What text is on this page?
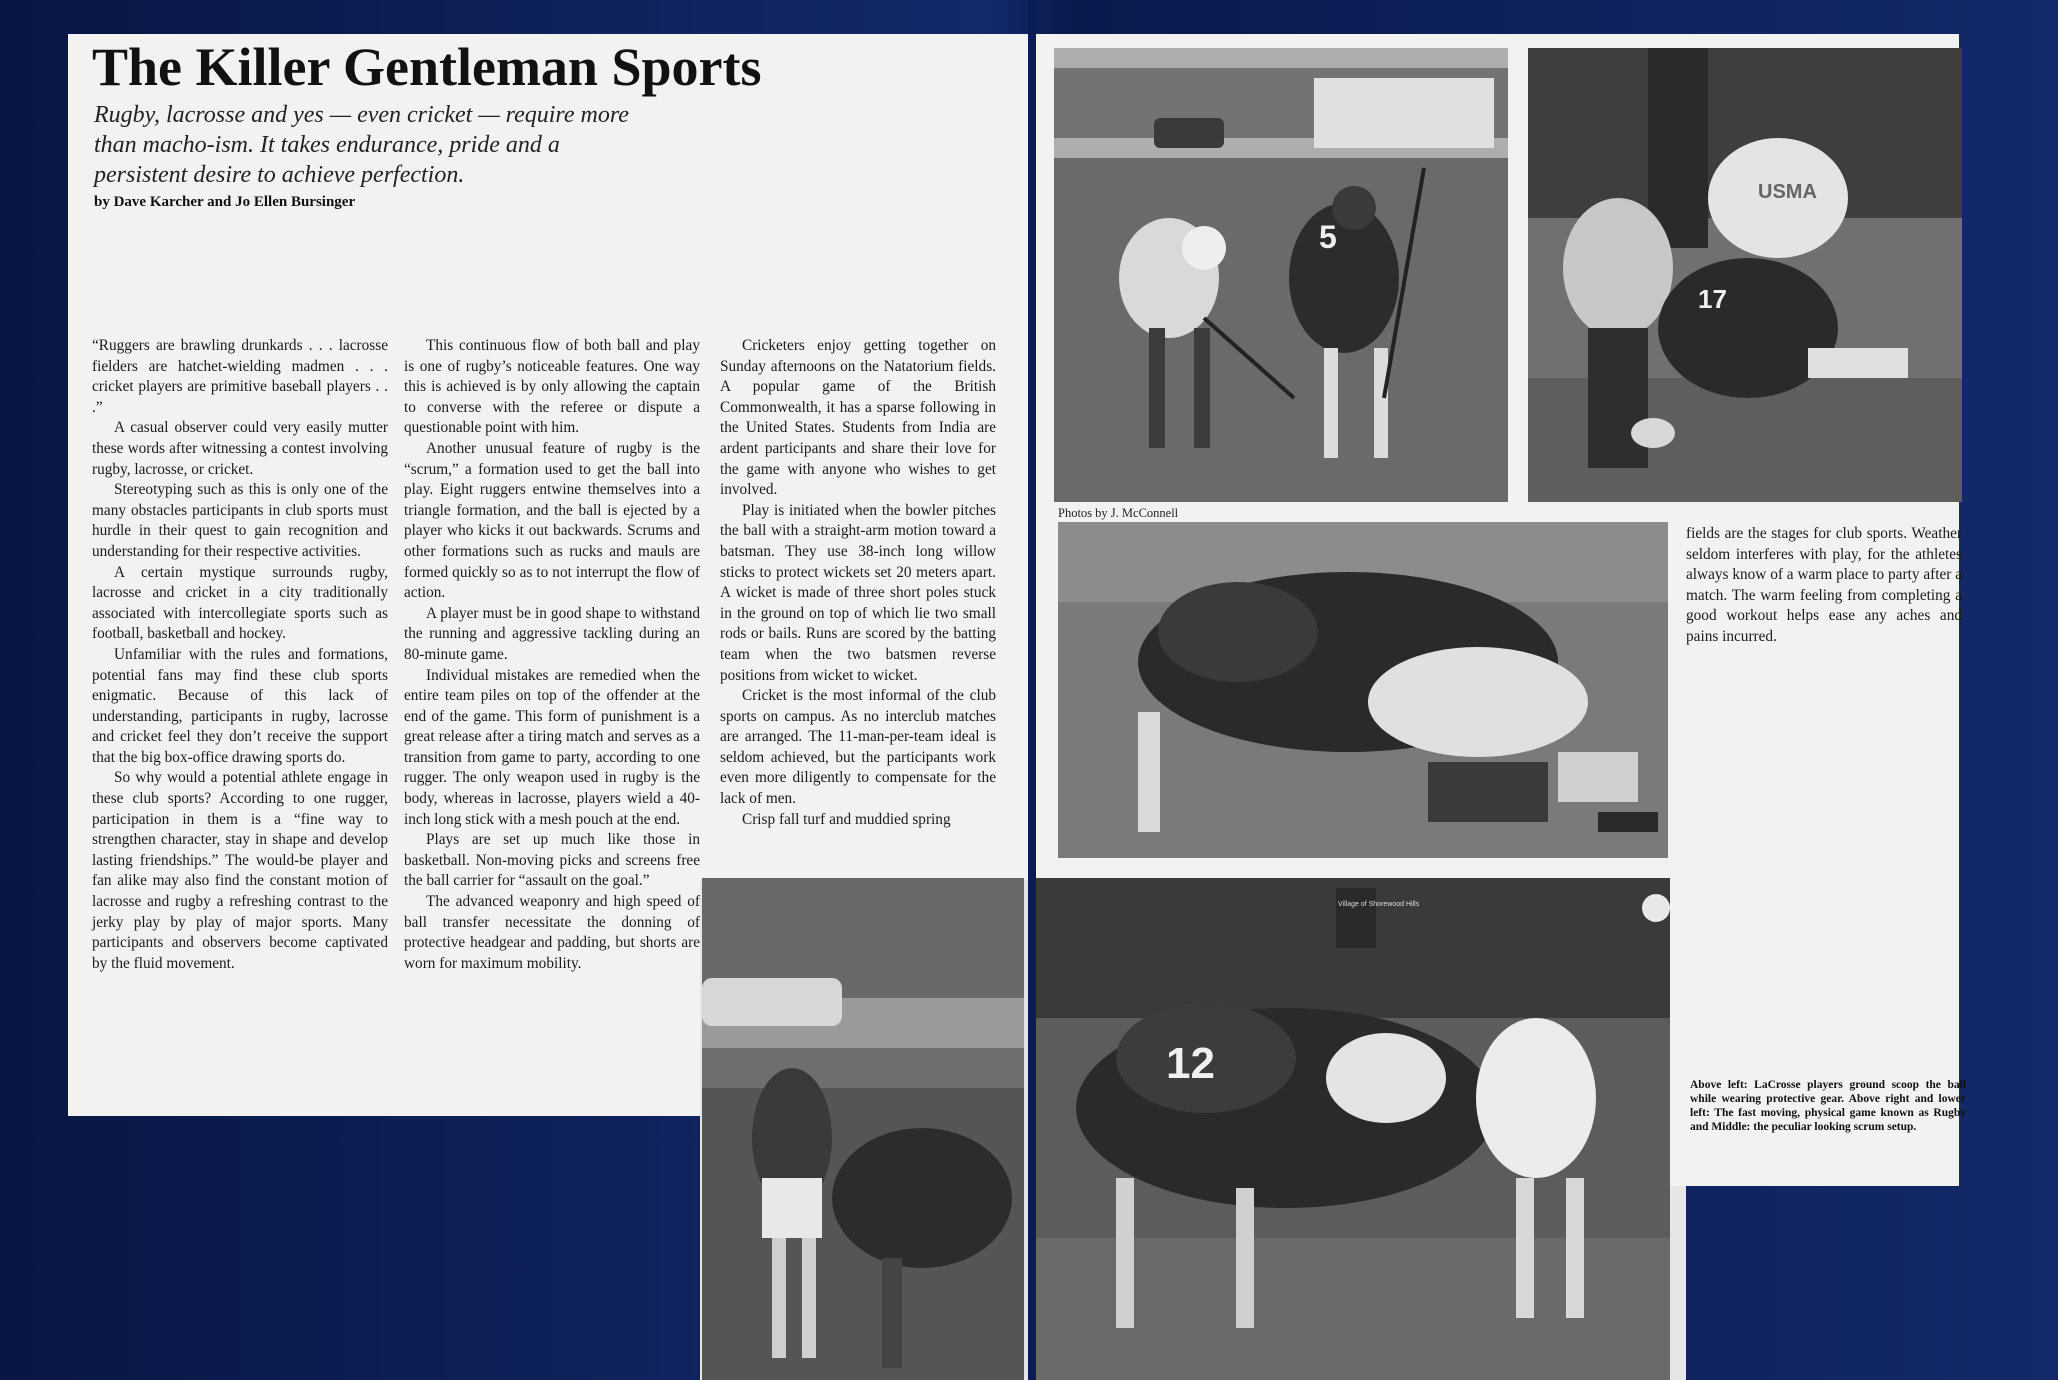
The Killer Gentleman Sports
Rugby, lacrosse and yes — even cricket — require more than macho-ism. It takes endurance, pride and a persistent desire to achieve perfection.
by Dave Karcher and Jo Ellen Bursinger

“Ruggers are brawling drunkards . . . lacrosse fielders are hatchet-wielding madmen . . . cricket players are primitive baseball players . . .”

A casual observer could very easily mutter these words after witnessing a contest involving rugby, lacrosse, or cricket.

Stereotyping such as this is only one of the many obstacles participants in club sports must hurdle in their quest to gain recognition and understanding for their respective activities.

A certain mystique surrounds rugby, lacrosse and cricket in a city traditionally associated with intercollegiate sports such as football, basketball and hockey.

Unfamiliar with the rules and formations, potential fans may find these club sports enigmatic. Because of this lack of understanding, participants in rugby, lacrosse and cricket feel they don’t receive the support that the big box-office drawing sports do.

So why would a potential athlete engage in these club sports? According to one rugger, participation in them is a “fine way to strengthen character, stay in shape and develop lasting friendships.” The would-be player and fan alike may also find the constant motion of lacrosse and rugby a refreshing contrast to the jerky play by play of major sports. Many participants and observers become captivated by the fluid movement.

This continuous flow of both ball and play is one of rugby’s noticeable features. One way this is achieved is by only allowing the captain to converse with the referee or dispute a questionable point with him.

Another unusual feature of rugby is the “scrum,” a formation used to get the ball into play. Eight ruggers entwine themselves into a triangle formation, and the ball is ejected by a player who kicks it out backwards. Scrums and other formations such as rucks and mauls are formed quickly so as to not interrupt the flow of action.

A player must be in good shape to withstand the running and aggressive tackling during an 80-minute game.

Individual mistakes are remedied when the entire team piles on top of the offender at the end of the game. This form of punishment is a great release after a tiring match and serves as a transition from game to party, according to one rugger. The only weapon used in rugby is the body, whereas in lacrosse, players wield a 40-inch long stick with a mesh pouch at the end.

Plays are set up much like those in basketball. Non-moving picks and screens free the ball carrier for “assault on the goal.”

The advanced weaponry and high speed of ball transfer necessitate the donning of protective headgear and padding, but shorts are worn for maximum mobility.

Cricketers enjoy getting together on Sunday afternoons on the Natatorium fields. A popular game of the British Commonwealth, it has a sparse following in the United States. Students from India are ardent participants and share their love for the game with anyone who wishes to get involved.

Play is initiated when the bowler pitches the ball with a straight-arm motion toward a batsman. They use 38-inch long willow sticks to protect wickets set 20 meters apart. A wicket is made of three short poles stuck in the ground on top of which lie two small rods or bails. Runs are scored by the batting team when the two batsmen reverse positions from wicket to wicket.

Cricket is the most informal of the club sports on campus. As no interclub matches are arranged. The 11-man-per-team ideal is seldom achieved, but the participants work even more diligently to compensate for the lack of men.

Crisp fall turf and muddied spring

5
USMA
17
Photos by J. McConnell
Village of Shorewood Hills
12

fields are the stages for club sports. Weather seldom interferes with play, for the athletes always know of a warm place to party after a match. The warm feeling from completing a good workout helps ease any aches and pains incurred.

Above left: LaCrosse players ground scoop the ball while wearing protective gear. Above right and lower left: The fast moving, physical game known as Rugby and Middle: the peculiar looking scrum setup.
